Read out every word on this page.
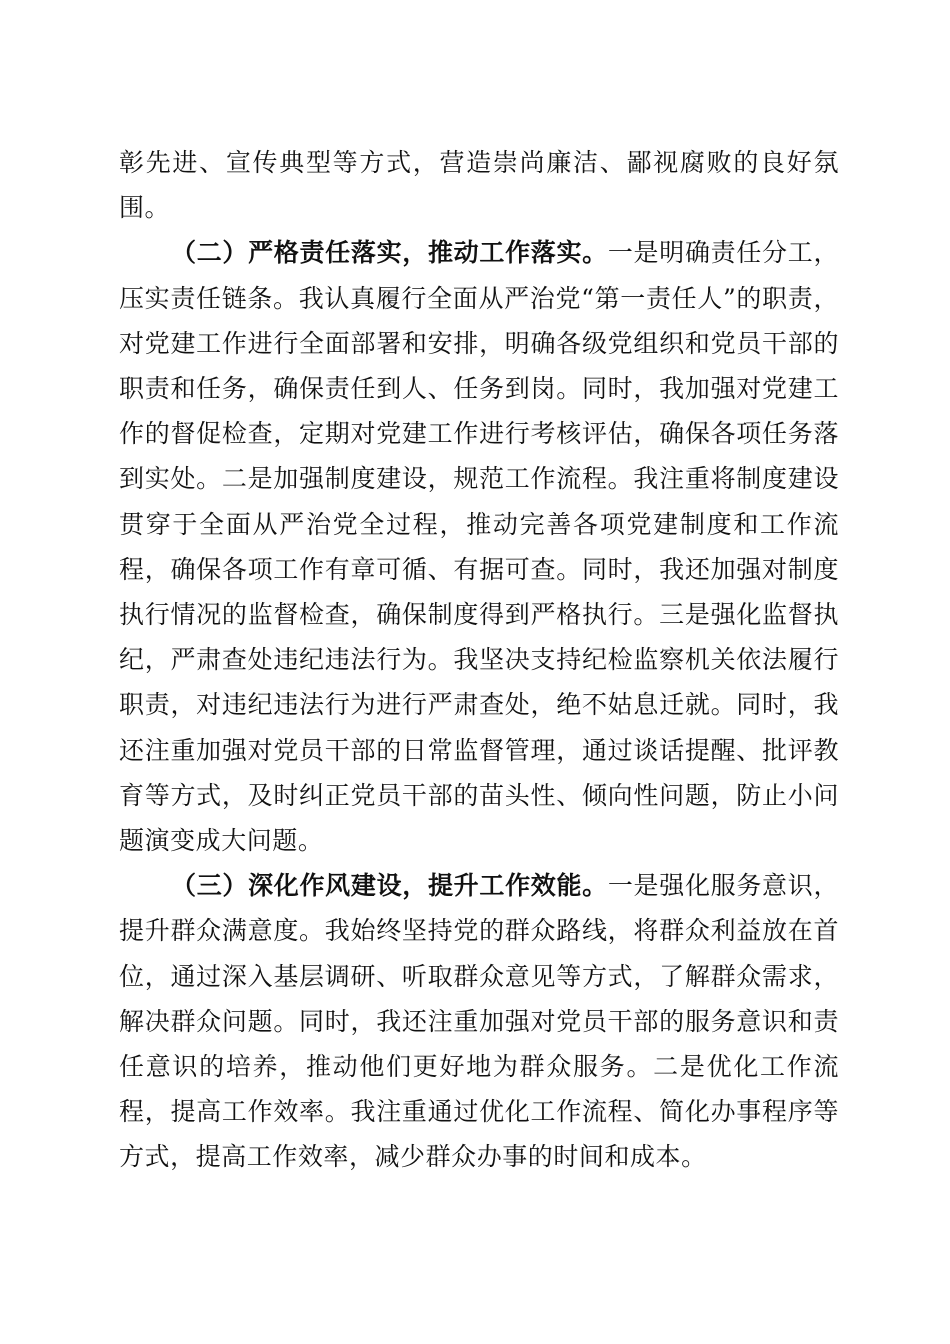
彰先进、宣传典型等方式，营造崇尚廉洁、鄙视腐败的良好氛围。

（二）严格责任落实，推动工作落实。一是明确责任分工，压实责任链条。我认真履行全面从严治党“第一责任人”的职责，对党建工作进行全面部署和安排，明确各级党组织和党员干部的职责和任务，确保责任到人、任务到岗。同时，我加强对党建工作的督促检查，定期对党建工作进行考核评估，确保各项任务落到实处。二是加强制度建设，规范工作流程。我注重将制度建设贯穿于全面从严治党全过程，推动完善各项党建制度和工作流程，确保各项工作有章可循、有据可查。同时，我还加强对制度执行情况的监督检查，确保制度得到严格执行。三是强化监督执纪，严肃查处违纪违法行为。我坚决支持纪检监察机关依法履行职责，对违纪违法行为进行严肃查处，绝不姑息迁就。同时，我还注重加强对党员干部的日常监督管理，通过谈话提醒、批评教育等方式，及时纠正党员干部的苗头性、倾向性问题，防止小问题演变成大问题。

（三）深化作风建设，提升工作效能。一是强化服务意识，提升群众满意度。我始终坚持党的群众路线，将群众利益放在首位，通过深入基层调研、听取群众意见等方式，了解群众需求，解决群众问题。同时，我还注重加强对党员干部的服务意识和责任意识的培养，推动他们更好地为群众服务。二是优化工作流程，提高工作效率。我注重通过优化工作流程、简化办事程序等方式，提高工作效率，减少群众办事的时间和成本。
